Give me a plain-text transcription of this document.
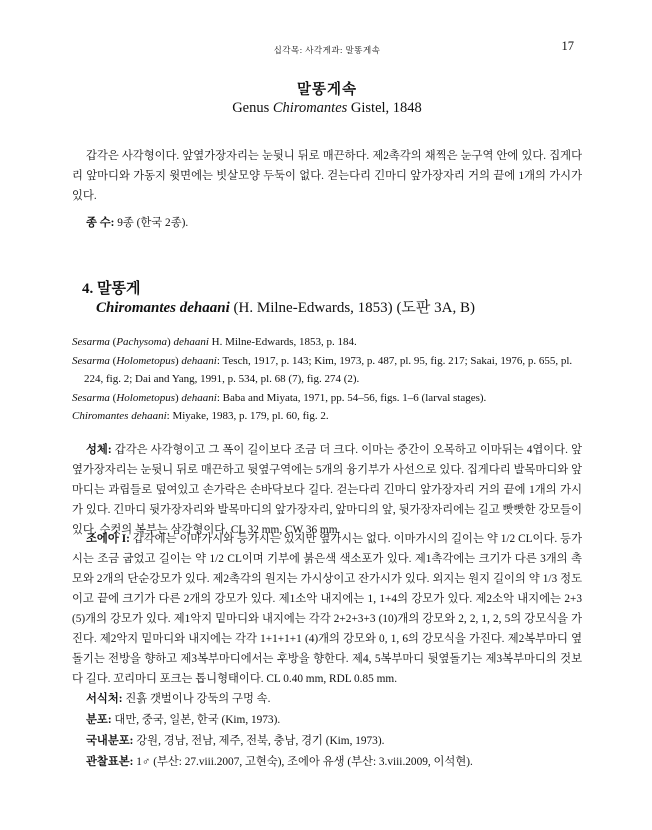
십각목: 사각게과: 말똥게속	17
말똥게속
Genus Chiromantes Gistel, 1848

갑각은 사각형이다. 앞옆가장자리는 눈뒷니 뒤로 매끈하다. 제2촉각의 채찍은 눈구역 안에 있다. 집게다리 앞마디와 가동지 윗면에는 빗살모양 두둑이 없다. 걷는다리 긴마디 앞가장자리 거의 끝에 1개의 가시가 있다.

종 수: 9종 (한국 2종).

4. 말똥게
Chiromantes dehaani (H. Milne-Edwards, 1853) (도판 3A, B)

Sesarma (Pachysoma) dehaani H. Milne-Edwards, 1853, p. 184.

Sesarma (Holometopus) dehaani: Tesch, 1917, p. 143; Kim, 1973, p. 487, pl. 95, fig. 217; Sakai, 1976, p. 655, pl. 224, fig. 2; Dai and Yang, 1991, p. 534, pl. 68 (7), fig. 274 (2).

Sesarma (Holometopus) dehaani: Baba and Miyata, 1971, pp. 54–56, figs. 1–6 (larval stages).

Chiromantes dehaani: Miyake, 1983, p. 179, pl. 60, fig. 2.

성체: 갑각은 사각형이고 그 폭이 길이보다 조금 더 크다. 이마는 중간이 오목하고 이마뒤는 4엽이다. 앞옆가장자리는 눈뒷니 뒤로 매끈하고 뒷옆구역에는 5개의 융기부가 사선으로 있다. 집게다리 발목마디와 앞마디는 과립들로 덮여있고 손가락은 손바닥보다 길다. 걷는다리 긴마디 앞가장자리 거의 끝에 1개의 가시가 있다. 긴마디 뒷가장자리와 발목마디의 앞가장자리, 앞마디의 앞, 뒷가장자리에는 길고 빳빳한 강모들이 있다. 수컷의 복부는 삼각형이다. CL 32 mm, CW 36 mm.

조에아 I: 갑각에는 이마가시와 등가시는 있지만 옆가시는 없다. 이마가시의 길이는 약 1/2 CL이다. 등가시는 조금 굽었고 길이는 약 1/2 CL이며 기부에 붉은색 색소포가 있다. 제1촉각에는 크기가 다른 3개의 촉모와 2개의 단순강모가 있다. 제2촉각의 원지는 가시상이고 잔가시가 있다. 외지는 원지 길이의 약 1/3 정도이고 끝에 크기가 다른 2개의 강모가 있다. 제1소악 내지에는 1, 1+4의 강모가 있다. 제2소악 내지에는 2+3 (5)개의 강모가 있다. 제1악지 밑마디와 내지에는 각각 2+2+3+3 (10)개의 강모와 2, 2, 1, 2, 5의 강모식을 가진다. 제2악지 밑마디와 내지에는 각각 1+1+1+1 (4)개의 강모와 0, 1, 6의 강모식을 가진다. 제2복부마디 옆돌기는 전방을 향하고 제3복부마디에서는 후방을 향한다. 제4, 5복부마디 뒷옆돌기는 제3복부마디의 것보다 길다. 꼬리마디 포크는 톱니형태이다. CL 0.40 mm, RDL 0.85 mm.

서식처: 진흙 갯벌이나 강둑의 구멍 속.

분포: 대만, 중국, 일본, 한국 (Kim, 1973).

국내분포: 강원, 경남, 전남, 제주, 전북, 충남, 경기 (Kim, 1973).

관찰표본: 1♂ (부산: 27.viii.2007, 고현숙), 조에아 유생 (부산: 3.viii.2009, 이석현).
